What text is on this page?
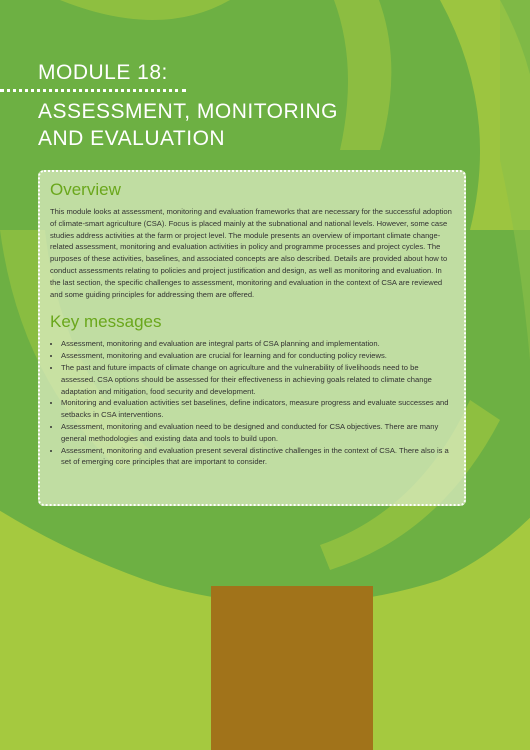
MODULE 18:
ASSESSMENT, MONITORING AND EVALUATION
Overview

This module looks at assessment, monitoring and evaluation frameworks that are necessary for the successful adoption of climate-smart agriculture (CSA). Focus is placed mainly at the subnational and national levels. However, some case studies address activities at the farm or project level. The module presents an overview of important climate change-related assessment, monitoring and evaluation activities in policy and programme processes and project cycles. The purposes of these activities, baselines, and associated concepts are also described. Details are provided about how to conduct assessments relating to policies and project justification and design, as well as monitoring and evaluation. In the last section, the specific challenges to assessment, monitoring and evaluation in the context of CSA are reviewed and some guiding principles for addressing them are offered.

Key messages
• Assessment, monitoring and evaluation are integral parts of CSA planning and implementation.
• Assessment, monitoring and evaluation are crucial for learning and for conducting policy reviews.
• The past and future impacts of climate change on agriculture and the vulnerability of livelihoods need to be assessed. CSA options should be assessed for their effectiveness in achieving goals related to climate change adaptation and mitigation, food security and development.
• Monitoring and evaluation activities set baselines, define indicators, measure progress and evaluate successes and setbacks in CSA interventions.
• Assessment, monitoring and evaluation need to be designed and conducted for CSA objectives. There are many general methodologies and existing data and tools to build upon.
• Assessment, monitoring and evaluation present several distinctive challenges in the context of CSA. There also is a set of emerging core principles that are important to consider.
